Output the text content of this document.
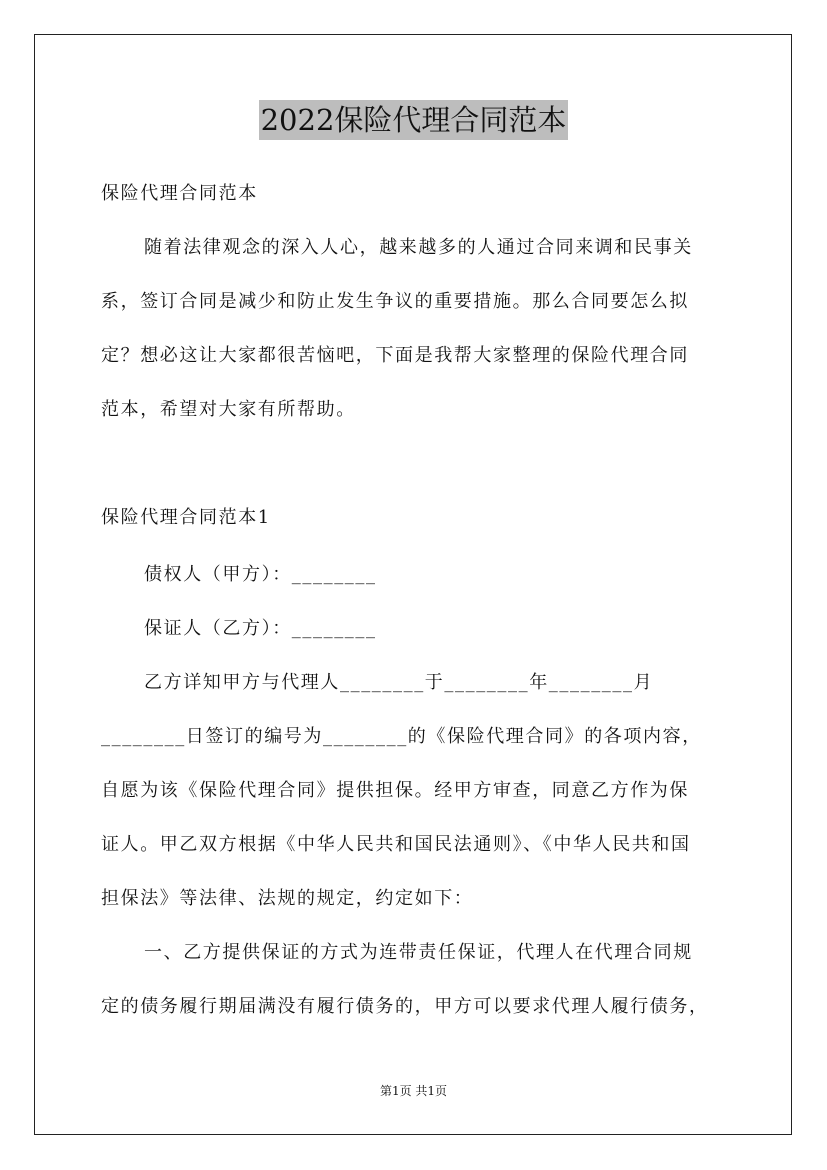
2022保险代理合同范本
保险代理合同范本
随着法律观念的深入人心，越来越多的人通过合同来调和民事关
系，签订合同是减少和防止发生争议的重要措施。那么合同要怎么拟
定？想必这让大家都很苦恼吧，下面是我帮大家整理的保险代理合同
范本，希望对大家有所帮助。
保险代理合同范本1
债权人（甲方）：________
保证人（乙方）：________
乙方详知甲方与代理人________于________年________月
________日签订的编号为________的《保险代理合同》的各项内容，
自愿为该《保险代理合同》提供担保。经甲方审查，同意乙方作为保
证人。甲乙双方根据《中华人民共和国民法通则》、《中华人民共和国
担保法》等法律、法规的规定，约定如下：
一、乙方提供保证的方式为连带责任保证，代理人在代理合同规
定的债务履行期届满没有履行债务的，甲方可以要求代理人履行债务，
第1页 共1页
